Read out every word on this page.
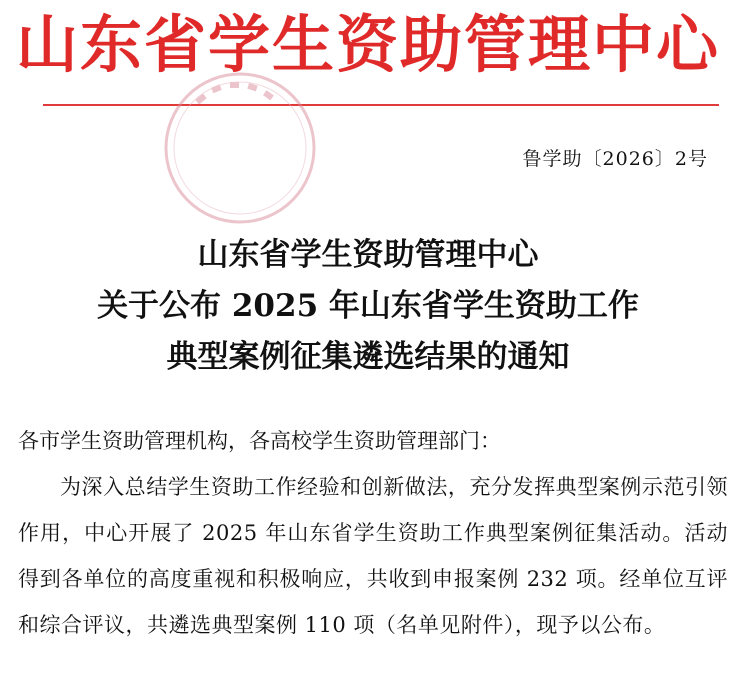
山东省学生资助管理中心
鲁学助〔2026〕2号
山东省学生资助管理中心
关于公布 2025 年山东省学生资助工作
典型案例征集遴选结果的通知
各市学生资助管理机构，各高校学生资助管理部门：
为深入总结学生资助工作经验和创新做法，充分发挥典型案例示范引领作用，中心开展了 2025 年山东省学生资助工作典型案例征集活动。活动得到各单位的高度重视和积极响应，共收到申报案例 232 项。经单位互评和综合评议，共遴选典型案例 110 项（名单见附件），现予以公布。
